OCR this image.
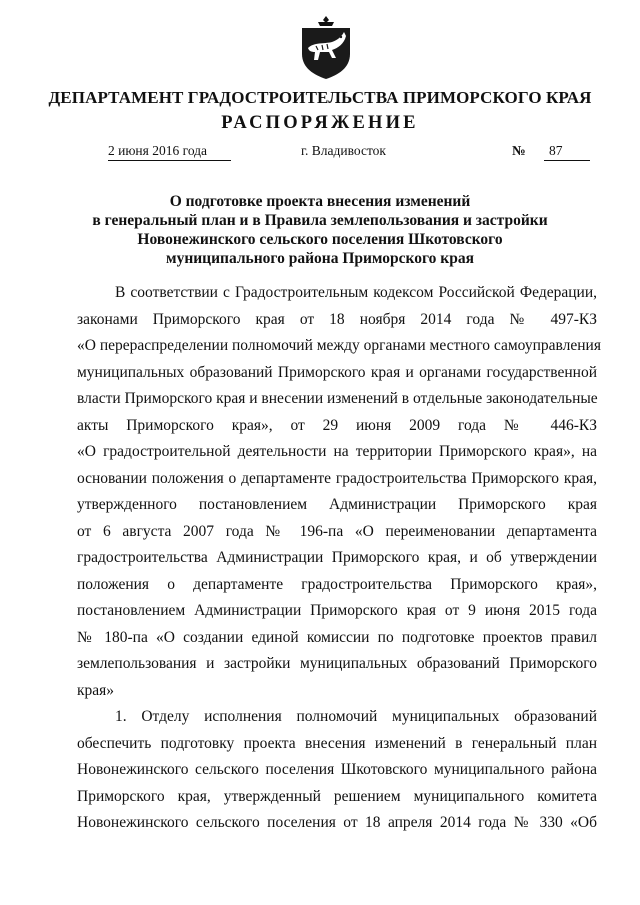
ДЕПАРТАМЕНТ ГРАДОСТРОИТЕЛЬСТВА ПРИМОРСКОГО КРАЯ
РАСПОРЯЖЕНИЕ
2 июня 2016 года	г. Владивосток	№	87
О подготовке проекта внесения изменений
в генеральный план и в Правила землепользования и застройки
Новонежинского сельского поселения Шкотовского
муниципального района Приморского края

В соответствии с Градостроительным кодексом Российской Федерации,
законами Приморского края от 18 ноября 2014 года № 497-КЗ
«О перераспределении полномочий между органами местного самоуправления
муниципальных образований Приморского края и органами государственной
власти Приморского края и внесении изменений в отдельные законодательные
акты Приморского края», от 29 июня 2009 года № 446-КЗ
«О градостроительной деятельности на территории Приморского края», на
основании положения о департаменте градостроительства Приморского края,
утвержденного постановлением Администрации Приморского края
от 6 августа 2007 года № 196-па «О переименовании департамента
градостроительства Администрации Приморского края, и об утверждении
положения о департаменте градостроительства Приморского края»,
постановлением Администрации Приморского края от 9 июня 2015 года
№ 180-па «О создании единой комиссии по подготовке проектов правил
землепользования и застройки муниципальных образований Приморского
края»

1. Отделу исполнения полномочий муниципальных образований
обеспечить подготовку проекта внесения изменений в генеральный план
Новонежинского сельского поселения Шкотовского муниципального района
Приморского края, утвержденный решением муниципального комитета
Новонежинского сельского поселения от 18 апреля 2014 года № 330 «Об
